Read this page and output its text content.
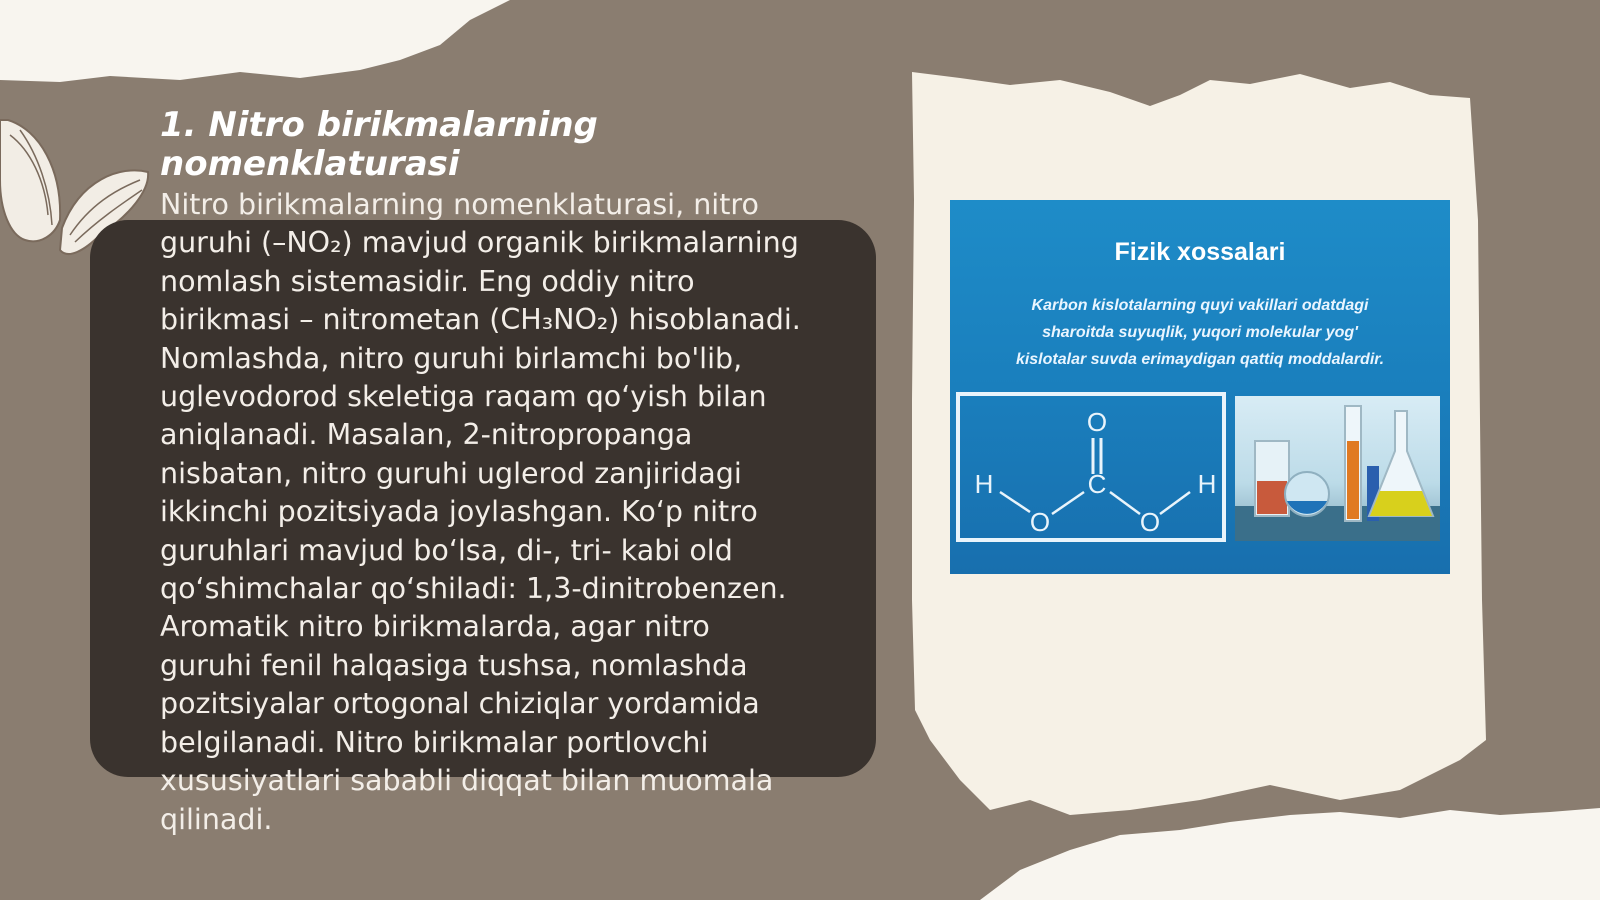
1. Nitro birikmalarning nomenklaturasi
Nitro birikmalarning nomenklaturasi, nitro
guruhi (–NO₂) mavjud organik birikmalarning
nomlash sistemasidir. Eng oddiy nitro
birikmasi – nitrometan (CH₃NO₂) hisoblanadi.
Nomlashda, nitro guruhi birlamchi bo'lib,
uglevodorod skeletiga raqam qo‘yish bilan
aniqlanadi. Masalan, 2-nitropropanga
nisbatan, nitro guruhi uglerod zanjiridagi
ikkinchi pozitsiyada joylashgan. Ko‘p nitro
guruhlari mavjud bo‘lsa, di-, tri- kabi old
qo‘shimchalar qo‘shiladi: 1,3-dinitrobenzen.
Aromatik nitro birikmalarda, agar nitro
guruhi fenil halqasiga tushsa, nomlashda
pozitsiyalar ortogonal chiziqlar yordamida
belgilanadi. Nitro birikmalar portlovchi
xususiyatlari sababli diqqat bilan muomala
qilinadi.
Fizik xossalari
Karbon kislotalarning quyi vakillari odatdagi
sharoitda suyuqlik, yuqori molekular yog'
kislotalar suvda erimaydigan qattiq moddalardir.
O
C
H	H
O	O
